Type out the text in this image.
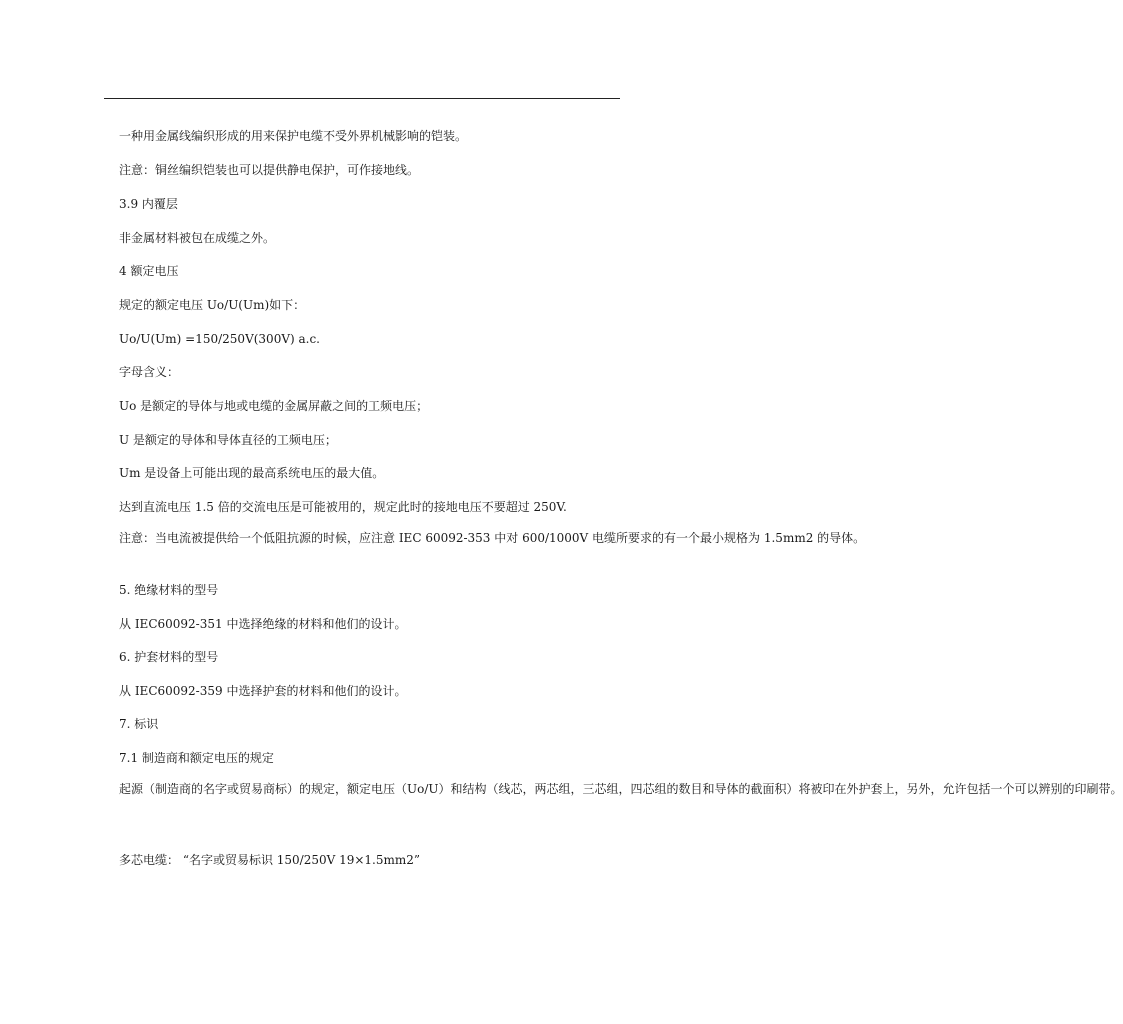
一种用金属线编织形成的用来保护电缆不受外界机械影响的铠装。
注意：铜丝编织铠装也可以提供静电保护，可作接地线。
3.9 内覆层
非金属材料被包在成缆之外。
4 额定电压
规定的额定电压 Uo/U(Um)如下：
Uo/U(Um) =150/250V(300V) a.c.
字母含义：
Uo 是额定的导体与地或电缆的金属屏蔽之间的工频电压；
U 是额定的导体和导体直径的工频电压；
Um 是设备上可能出现的最高系统电压的最大值。
达到直流电压 1.5 倍的交流电压是可能被用的，规定此时的接地电压不要超过 250V.
注意：当电流被提供给一个低阻抗源的时候，应注意 IEC 60092-353 中对 600/1000V 电缆所要求的有一个最小规格为 1.5mm2 的导体。
5. 绝缘材料的型号
从 IEC60092-351 中选择绝缘的材料和他们的设计。
6. 护套材料的型号
从 IEC60092-359 中选择护套的材料和他们的设计。
7. 标识
7.1 制造商和额定电压的规定
起源（制造商的名字或贸易商标）的规定，额定电压（Uo/U）和结构（线芯，两芯组，三芯组，四芯组的数目和导体的截面积）将被印在外护套上，另外，允许包括一个可以辨别的印刷带。
多芯电缆： “名字或贸易标识 150/250V 19×1.5mm2”
